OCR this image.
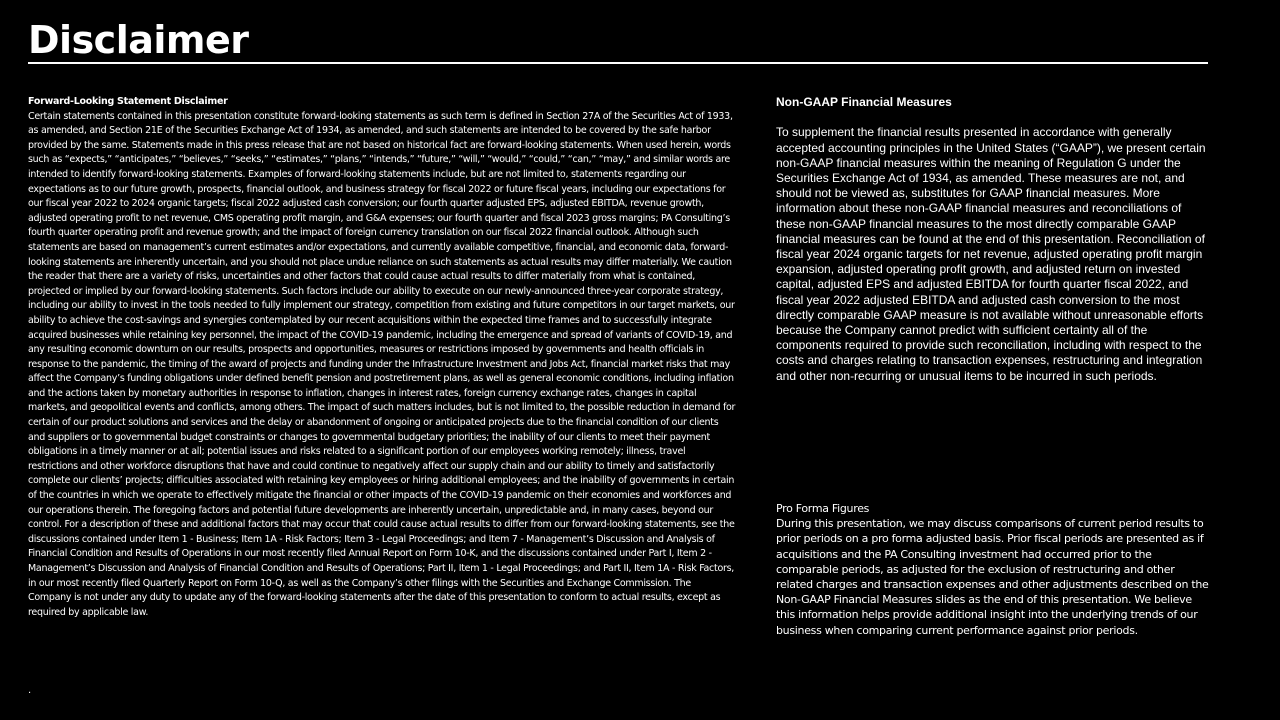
Disclaimer
Forward-Looking Statement Disclaimer

Certain statements contained in this presentation constitute forward-looking statements as such term is defined in Section 27A of the Securities Act of 1933, as amended, and Section 21E of the Securities Exchange Act of 1934, as amended, and such statements are intended to be covered by the safe harbor provided by the same. Statements made in this press release that are not based on historical fact are forward-looking statements. When used herein, words such as “expects,” “anticipates,” “believes,” “seeks,” “estimates,” “plans,” “intends,” “future,” “will,” “would,” “could,” “can,” “may,” and similar words are intended to identify forward-looking statements. Examples of forward-looking statements include, but are not limited to, statements regarding our expectations as to our future growth, prospects, financial outlook, and business strategy for fiscal 2022 or future fiscal years, including our expectations for our fiscal year 2022 to 2024 organic targets; fiscal 2022 adjusted cash conversion; our fourth quarter adjusted EPS, adjusted EBITDA, revenue growth, adjusted operating profit to net revenue, CMS operating profit margin, and G&A expenses; our fourth quarter and fiscal 2023 gross margins; PA Consulting’s fourth quarter operating profit and revenue growth; and the impact of foreign currency translation on our fiscal 2022 financial outlook. Although such statements are based on management’s current estimates and/or expectations, and currently available competitive, financial, and economic data, forward-looking statements are inherently uncertain, and you should not place undue reliance on such statements as actual results may differ materially. We caution the reader that there are a variety of risks, uncertainties and other factors that could cause actual results to differ materially from what is contained, projected or implied by our forward-looking statements. Such factors include our ability to execute on our newly-announced three-year corporate strategy, including our ability to invest in the tools needed to fully implement our strategy, competition from existing and future competitors in our target markets, our ability to achieve the cost-savings and synergies contemplated by our recent acquisitions within the expected time frames and to successfully integrate acquired businesses while retaining key personnel, the impact of the COVID-19 pandemic, including the emergence and spread of variants of COVID-19, and any resulting economic downturn on our results, prospects and opportunities, measures or restrictions imposed by governments and health officials in response to the pandemic, the timing of the award of projects and funding under the Infrastructure Investment and Jobs Act, financial market risks that may affect the Company’s funding obligations under defined benefit pension and postretirement plans, as well as general economic conditions, including inflation and the actions taken by monetary authorities in response to inflation, changes in interest rates, foreign currency exchange rates, changes in capital markets, and geopolitical events and conflicts, among others. The impact of such matters includes, but is not limited to, the possible reduction in demand for certain of our product solutions and services and the delay or abandonment of ongoing or anticipated projects due to the financial condition of our clients and suppliers or to governmental budget constraints or changes to governmental budgetary priorities; the inability of our clients to meet their payment obligations in a timely manner or at all; potential issues and risks related to a significant portion of our employees working remotely; illness, travel restrictions and other workforce disruptions that have and could continue to negatively affect our supply chain and our ability to timely and satisfactorily complete our clients’ projects; difficulties associated with retaining key employees or hiring additional employees; and the inability of governments in certain of the countries in which we operate to effectively mitigate the financial or other impacts of the COVID-19 pandemic on their economies and workforces and our operations therein. The foregoing factors and potential future developments are inherently uncertain, unpredictable and, in many cases, beyond our control. For a description of these and additional factors that may occur that could cause actual results to differ from our forward-looking statements, see the discussions contained under Item 1 - Business; Item 1A - Risk Factors; Item 3 - Legal Proceedings; and Item 7 - Management’s Discussion and Analysis of Financial Condition and Results of Operations in our most recently filed Annual Report on Form 10-K, and the discussions contained under Part I, Item 2 - Management’s Discussion and Analysis of Financial Condition and Results of Operations; Part II, Item 1 - Legal Proceedings; and Part II, Item 1A - Risk Factors, in our most recently filed Quarterly Report on Form 10-Q, as well as the Company’s other filings with the Securities and Exchange Commission. The Company is not under any duty to update any of the forward-looking statements after the date of this presentation to conform to actual results, except as required by applicable law.

Non-GAAP Financial Measures
To supplement the financial results presented in accordance with generally accepted accounting principles in the United States (“GAAP”), we present certain non-GAAP financial measures within the meaning of Regulation G under the Securities Exchange Act of 1934, as amended. These measures are not, and should not be viewed as, substitutes for GAAP financial measures. More information about these non-GAAP financial measures and reconciliations of these non-GAAP financial measures to the most directly comparable GAAP financial measures can be found at the end of this presentation. Reconciliation of fiscal year 2024 organic targets for net revenue, adjusted operating profit margin expansion, adjusted operating profit growth, and adjusted return on invested capital, adjusted EPS and adjusted EBITDA for fourth quarter fiscal 2022, and fiscal year 2022 adjusted EBITDA and adjusted cash conversion to the most directly comparable GAAP measure is not available without unreasonable efforts because the Company cannot predict with sufficient certainty all of the components required to provide such reconciliation, including with respect to the costs and charges relating to transaction expenses, restructuring and integration and other non-recurring or unusual items to be incurred in such periods.
Pro Forma Figures
During this presentation, we may discuss comparisons of current period results to prior periods on a pro forma adjusted basis. Prior fiscal periods are presented as if acquisitions and the PA Consulting investment had occurred prior to the comparable periods, as adjusted for the exclusion of restructuring and other related charges and transaction expenses and other adjustments described on the Non-GAAP Financial Measures slides as the end of this presentation. We believe this information helps provide additional insight into the underlying trends of our business when comparing current performance against prior periods.
.
